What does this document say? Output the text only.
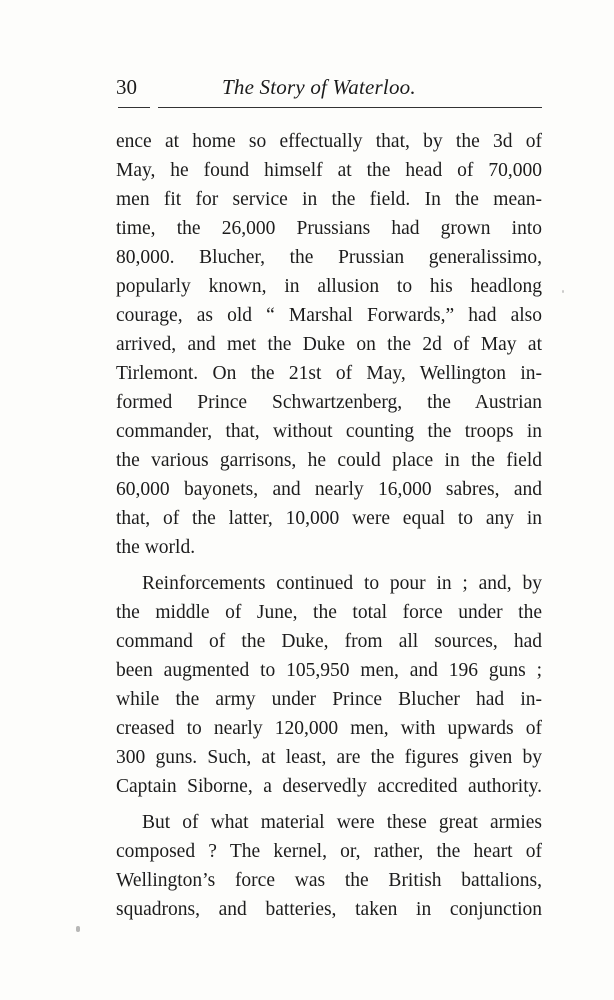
30	The Story of Waterloo.

ence at home so effectually that, by the 3d of
May, he found himself at the head of 70,000
men fit for service in the field. In the mean-
time, the 26,000 Prussians had grown into
80,000. Blucher, the Prussian generalissimo,
popularly known, in allusion to his headlong
courage, as old “ Marshal Forwards,” had also
arrived, and met the Duke on the 2d of May at
Tirlemont. On the 21st of May, Wellington in-
formed Prince Schwartzenberg, the Austrian
commander, that, without counting the troops in
the various garrisons, he could place in the field
60,000 bayonets, and nearly 16,000 sabres, and
that, of the latter, 10,000 were equal to any in
the world.

Reinforcements continued to pour in ; and, by
the middle of June, the total force under the
command of the Duke, from all sources, had
been augmented to 105,950 men, and 196 guns ;
while the army under Prince Blucher had in-
creased to nearly 120,000 men, with upwards of
300 guns. Such, at least, are the figures given by
Captain Siborne, a deservedly accredited authority.

But of what material were these great armies
composed ? The kernel, or, rather, the heart of
Wellington’s force was the British battalions,
squadrons, and batteries, taken in conjunction
